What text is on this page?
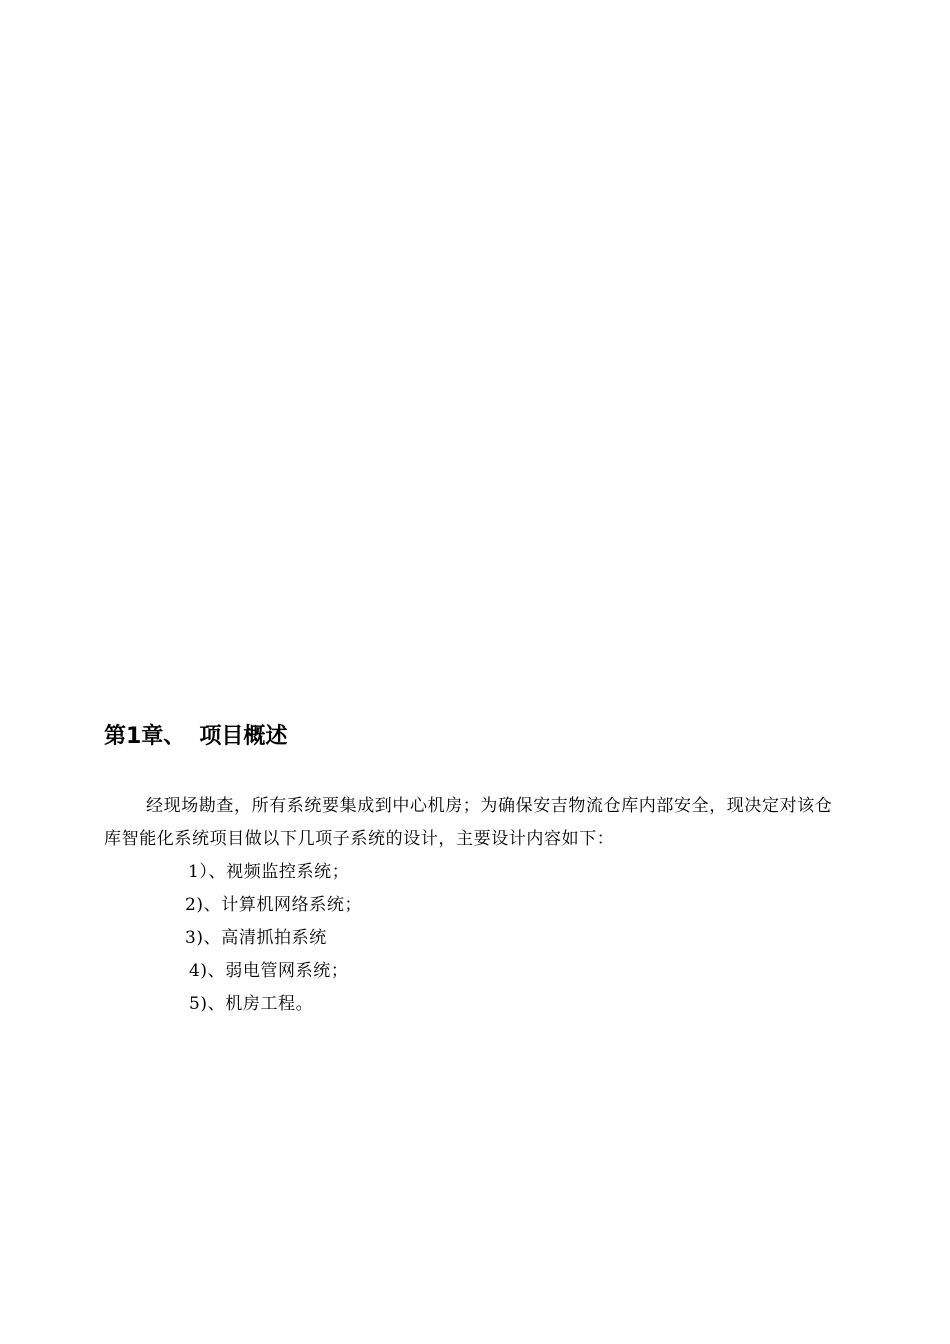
第1章、 项目概述

经现场勘查，所有系统要集成到中心机房；为确保安吉物流仓库内部安全，现决定对该仓库智能化系统项目做以下几项子系统的设计，主要设计内容如下：

1）、视频监控系统；
2)、计算机网络系统；
3)、高清抓拍系统
4)、弱电管网系统；
5)、机房工程。
